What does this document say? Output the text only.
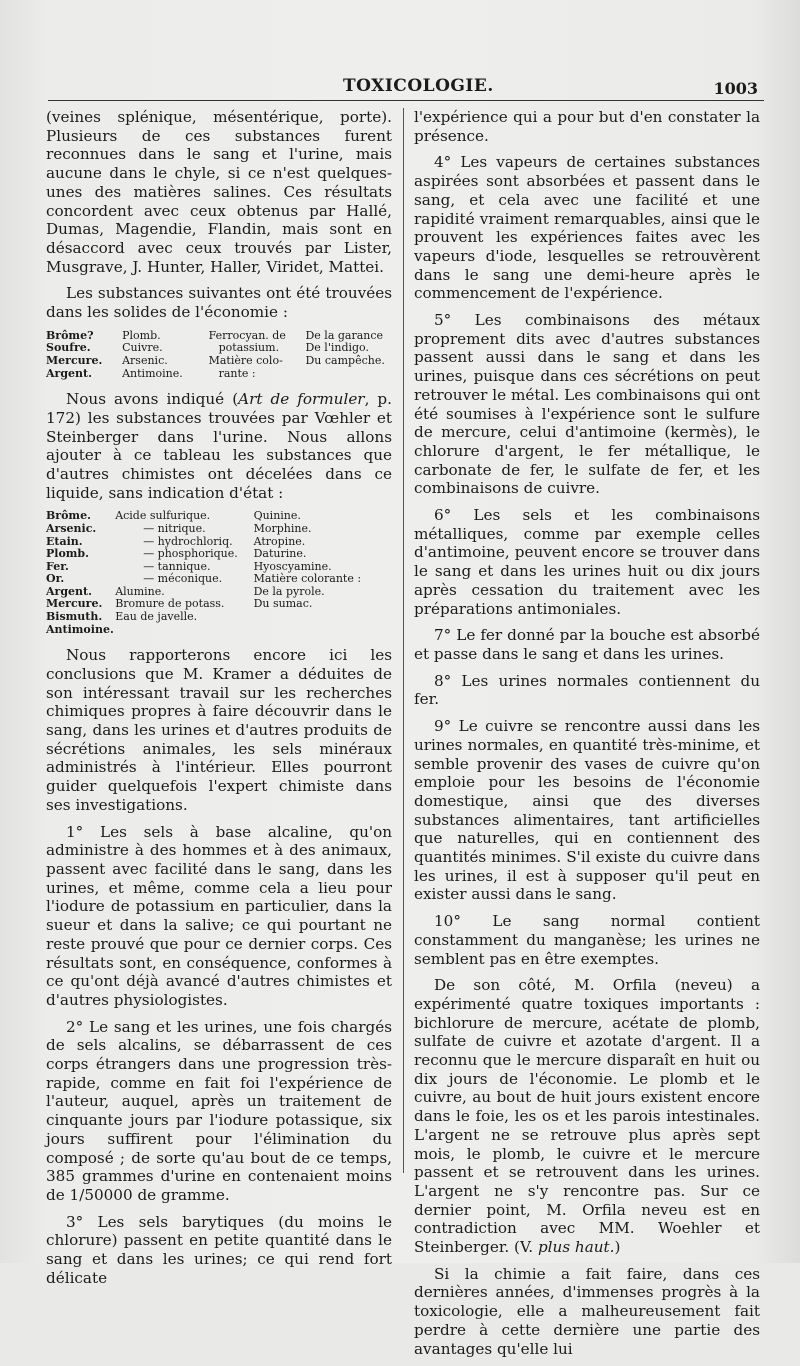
TOXICOLOGIE.	1003

(veines splénique, mésentérique, porte). Plusieurs de ces substances furent reconnues dans le sang et l'urine, mais aucune dans le chyle, si ce n'est quelques-unes des matières salines. Ces résultats concordent avec ceux obtenus par Hallé, Dumas, Magendie, Flandin, mais sont en désaccord avec ceux trouvés par Lister, Musgrave, J. Hunter, Haller, Viridet, Mattei.

Les substances suivantes ont été trouvées dans les solides de l'économie :

Brôme?	Plomb.	Ferrocyan. de	De la garance
Soufre.	Cuivre.	potassium.	De l'indigo.
Mercure.	Arsenic.	Matière colo-	Du campêche.
Argent.	Antimoine.	rante :	

Nous avons indiqué (Art de formuler, p. 172) les substances trouvées par Vœhler et Steinberger dans l'urine. Nous allons ajouter à ce tableau les substances que d'autres chimistes ont décelées dans ce liquide, sans indication d'état :

Brôme.	Acide sulfurique.	Quinine.
Arsenic.	— nitrique.	Morphine.
Etain.	— hydrochloriq.	Atropine.
Plomb.	— phosphorique.	Daturine.
Fer.	— tannique.	Hyoscyamine.
Or.	— méconique.	Matière colorante :
Argent.	Alumine.	De la pyrole.
Mercure.	Bromure de potass.	Du sumac.
Bismuth.	Eau de javelle.	
Antimoine.		

Nous rapporterons encore ici les conclusions que M. Kramer a déduites de son intéressant travail sur les recherches chimiques propres à faire découvrir dans le sang, dans les urines et d'autres produits de sécrétions animales, les sels minéraux administrés à l'intérieur. Elles pourront guider quelquefois l'expert chimiste dans ses investigations.

1° Les sels à base alcaline, qu'on administre à des hommes et à des animaux, passent avec facilité dans le sang, dans les urines, et même, comme cela a lieu pour l'iodure de potassium en particulier, dans la sueur et dans la salive; ce qui pourtant ne reste prouvé que pour ce dernier corps. Ces résultats sont, en conséquence, conformes à ce qu'ont déjà avancé d'autres chimistes et d'autres physiologistes.

2° Le sang et les urines, une fois chargés de sels alcalins, se débarrassent de ces corps étrangers dans une progression très-rapide, comme en fait foi l'expérience de l'auteur, auquel, après un traitement de cinquante jours par l'iodure potassique, six jours suffirent pour l'élimination du composé ; de sorte qu'au bout de ce temps, 385 grammes d'urine en contenaient moins de 1/50000 de gramme.

3° Les sels barytiques (du moins le chlorure) passent en petite quantité dans le sang et dans les urines; ce qui rend fort délicate

l'expérience qui a pour but d'en constater la présence.

4° Les vapeurs de certaines substances aspirées sont absorbées et passent dans le sang, et cela avec une facilité et une rapidité vraiment remarquables, ainsi que le prouvent les expériences faites avec les vapeurs d'iode, lesquelles se retrouvèrent dans le sang une demi-heure après le commencement de l'expérience.

5° Les combinaisons des métaux proprement dits avec d'autres substances passent aussi dans le sang et dans les urines, puisque dans ces sécrétions on peut retrouver le métal. Les combinaisons qui ont été soumises à l'expérience sont le sulfure de mercure, celui d'antimoine (kermès), le chlorure d'argent, le fer métallique, le carbonate de fer, le sulfate de fer, et les combinaisons de cuivre.

6° Les sels et les combinaisons métalliques, comme par exemple celles d'antimoine, peuvent encore se trouver dans le sang et dans les urines huit ou dix jours après cessation du traitement avec les préparations antimoniales.

7° Le fer donné par la bouche est absorbé et passe dans le sang et dans les urines.

8° Les urines normales contiennent du fer.

9° Le cuivre se rencontre aussi dans les urines normales, en quantité très-minime, et semble provenir des vases de cuivre qu'on emploie pour les besoins de l'économie domestique, ainsi que des diverses substances alimentaires, tant artificielles que naturelles, qui en contiennent des quantités minimes. S'il existe du cuivre dans les urines, il est à supposer qu'il peut en exister aussi dans le sang.

10° Le sang normal contient constamment du manganèse; les urines ne semblent pas en être exemptes.

De son côté, M. Orfila (neveu) a expérimenté quatre toxiques importants : bichlorure de mercure, acétate de plomb, sulfate de cuivre et azotate d'argent. Il a reconnu que le mercure disparaît en huit ou dix jours de l'économie. Le plomb et le cuivre, au bout de huit jours existent encore dans le foie, les os et les parois intestinales. L'argent ne se retrouve plus après sept mois, le plomb, le cuivre et le mercure passent et se retrouvent dans les urines. L'argent ne s'y rencontre pas. Sur ce dernier point, M. Orfila neveu est en contradiction avec MM. Woehler et Steinberger. (V. plus haut.)

Si la chimie a fait faire, dans ces dernières années, d'immenses progrès à la toxicologie, elle a malheureusement fait perdre à cette dernière une partie des avantages qu'elle lui
